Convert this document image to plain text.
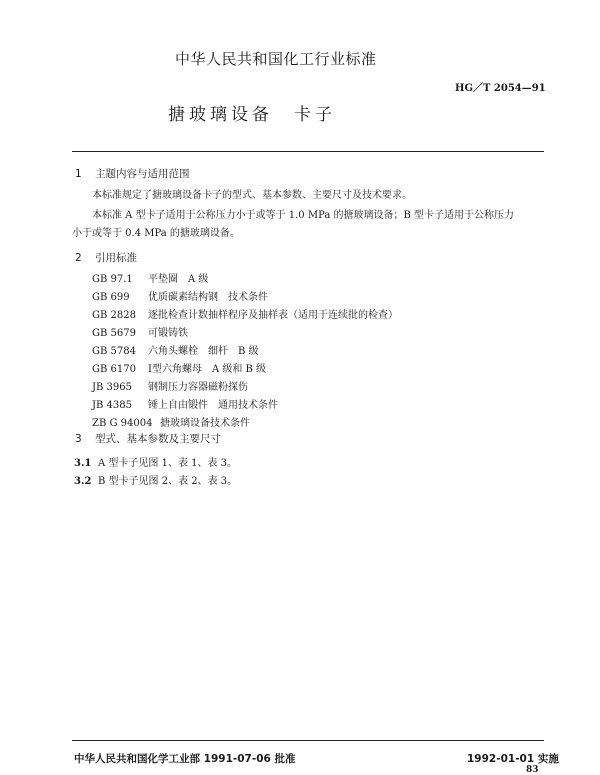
中华人民共和国化工行业标准
HG／T 2054—91
搪玻璃设备　卡子
1 主题内容与适用范围
本标准规定了搪玻璃设备卡子的型式、基本参数、主要尺寸及技术要求。
本标准 A 型卡子适用于公称压力小于或等于 1.0 MPa 的搪玻璃设备；B 型卡子适用于公称压力
小于或等于 0.4 MPa 的搪玻璃设备。
2 引用标准
GB 97.1 平垫圈　A 级
GB 699 优质碳素结构钢　技术条件
GB 2828 逐批检查计数抽样程序及抽样表（适用于连续批的检查）
GB 5679 可锻铸铁
GB 5784 六角头螺栓　细杆　B 级
GB 6170 Ⅰ型六角螺母　A 级和 B 级
JB 3965 钢制压力容器磁粉探伤
JB 4385 锤上自由锻件　通用技术条件
ZB G 94004 搪玻璃设备技术条件
3 型式、基本参数及主要尺寸
3.1 A 型卡子见图 1、表 1、表 3。
3.2 B 型卡子见图 2、表 2、表 3。
中华人民共和国化学工业部 1991-07-06 批准	1992-01-01 实施
83
